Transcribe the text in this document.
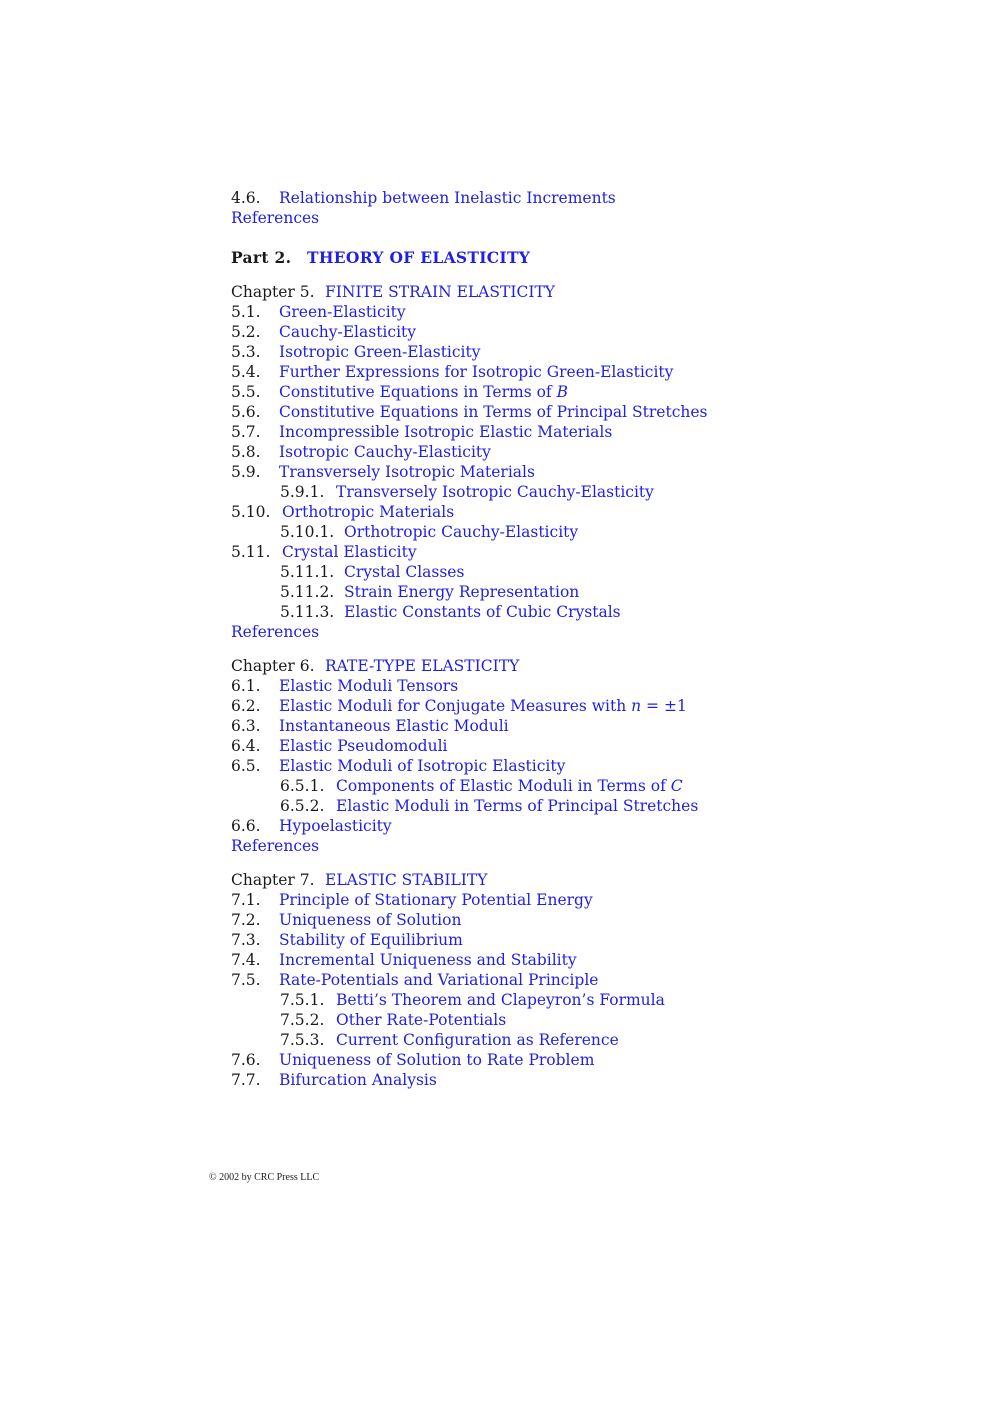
4.6. Relationship between Inelastic Increments
References
Part 2. THEORY OF ELASTICITY
Chapter 5. FINITE STRAIN ELASTICITY
5.1. Green-Elasticity
5.2. Cauchy-Elasticity
5.3. Isotropic Green-Elasticity
5.4. Further Expressions for Isotropic Green-Elasticity
5.5. Constitutive Equations in Terms of B
5.6. Constitutive Equations in Terms of Principal Stretches
5.7. Incompressible Isotropic Elastic Materials
5.8. Isotropic Cauchy-Elasticity
5.9. Transversely Isotropic Materials
5.9.1. Transversely Isotropic Cauchy-Elasticity
5.10. Orthotropic Materials
5.10.1. Orthotropic Cauchy-Elasticity
5.11. Crystal Elasticity
5.11.1. Crystal Classes
5.11.2. Strain Energy Representation
5.11.3. Elastic Constants of Cubic Crystals
References
Chapter 6. RATE-TYPE ELASTICITY
6.1. Elastic Moduli Tensors
6.2. Elastic Moduli for Conjugate Measures with n = ±1
6.3. Instantaneous Elastic Moduli
6.4. Elastic Pseudomoduli
6.5. Elastic Moduli of Isotropic Elasticity
6.5.1. Components of Elastic Moduli in Terms of C
6.5.2. Elastic Moduli in Terms of Principal Stretches
6.6. Hypoelasticity
References
Chapter 7. ELASTIC STABILITY
7.1. Principle of Stationary Potential Energy
7.2. Uniqueness of Solution
7.3. Stability of Equilibrium
7.4. Incremental Uniqueness and Stability
7.5. Rate-Potentials and Variational Principle
7.5.1. Betti’s Theorem and Clapeyron’s Formula
7.5.2. Other Rate-Potentials
7.5.3. Current Configuration as Reference
7.6. Uniqueness of Solution to Rate Problem
7.7. Bifurcation Analysis
© 2002 by CRC Press LLC
